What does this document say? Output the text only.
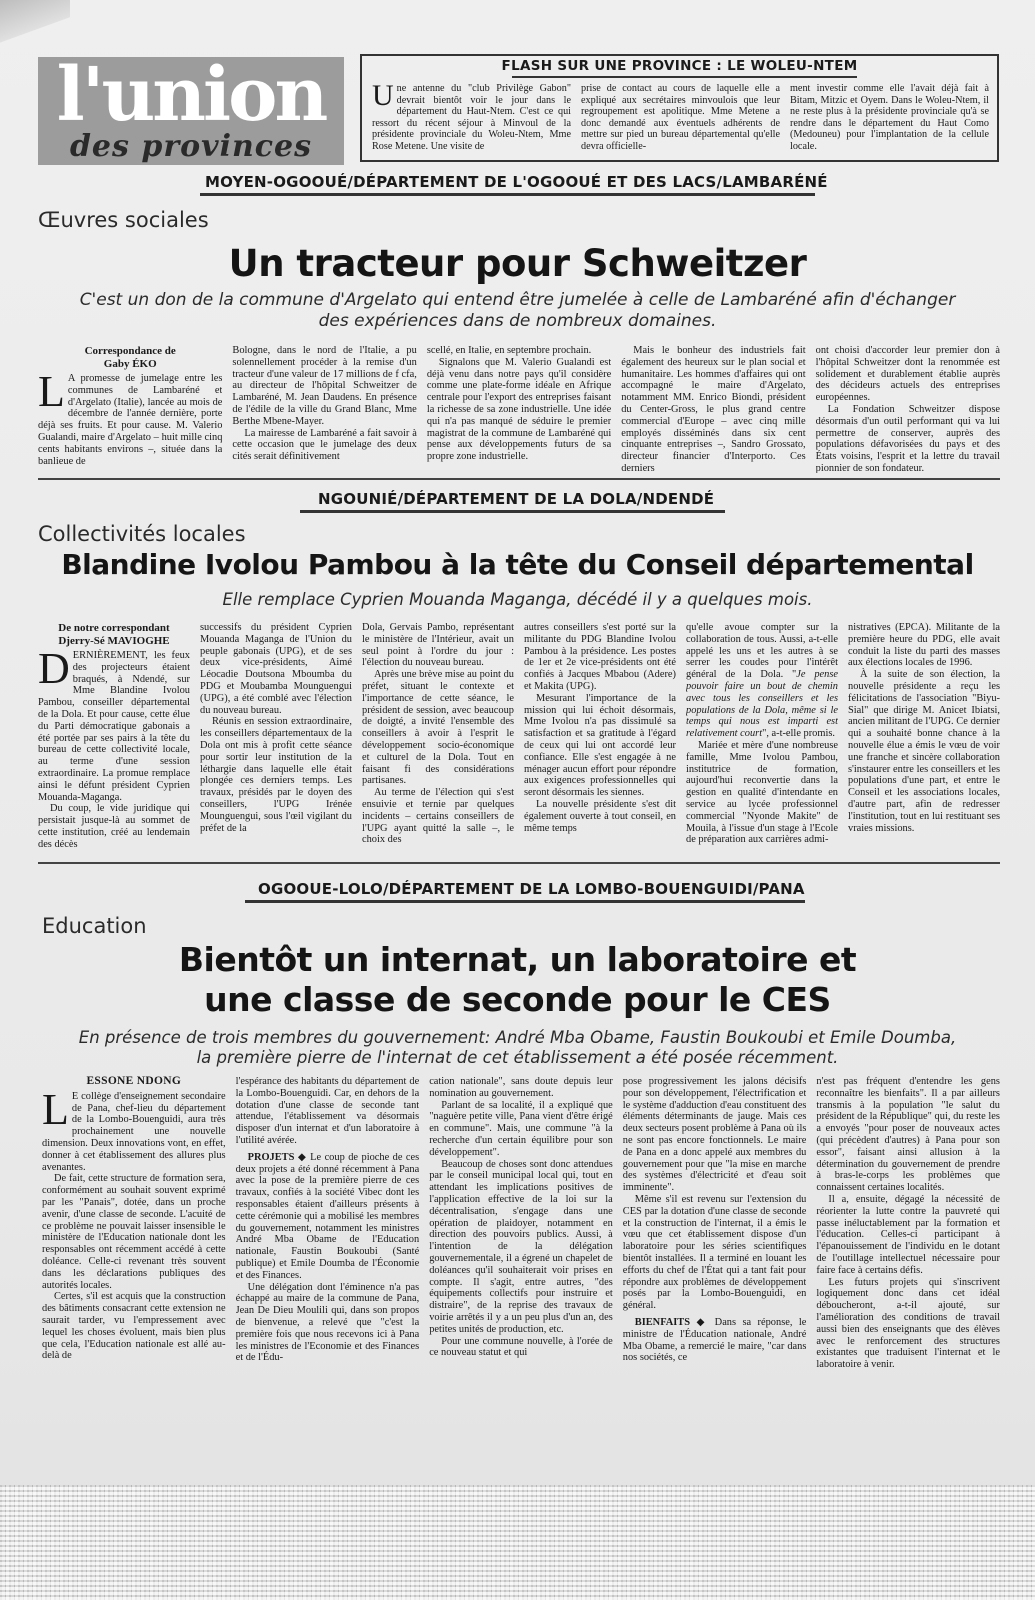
l'union
des provinces
FLASH SUR UNE PROVINCE : LE WOLEU-NTEM
Une antenne du "club Privilège Gabon" devrait bientôt voir le jour dans le département du Haut-Ntem. C'est ce qui ressort du récent séjour à Minvoul de la présidente provinciale du Woleu-Ntem, Mme Rose Metene. Une visite de
prise de contact au cours de laquelle elle a expliqué aux secrétaires minvoulois que leur regroupement est apolitique. Mme Metene a donc demandé aux éventuels adhérents de mettre sur pied un bureau départemental qu'elle devra officielle-
ment investir comme elle l'avait déjà fait à Bitam, Mitzic et Oyem. Dans le Woleu-Ntem, il ne reste plus à la présidente provinciale qu'à se rendre dans le département du Haut Como (Medouneu) pour l'implantation de la cellule locale.
MOYEN-OGOOUÉ/DÉPARTEMENT DE L'OGOOUÉ ET DES LACS/LAMBARÉNÉ
Œuvres sociales
Un tracteur pour Schweitzer
C'est un don de la commune d'Argelato qui entend être jumelée à celle de Lambaréné afin d'échanger
des expériences dans de nombreux domaines.
Correspondance de
Gaby ÉKO
L A promesse de jumelage entre les communes de Lambaréné et d'Argelato (Italie), lancée au mois de décembre de l'année dernière, porte déjà ses fruits. Et pour cause. M. Valerio Gualandi, maire d'Argelato – huit mille cinq cents habitants environs –, située dans la banlieue de

Bologne, dans le nord de l'Italie, a pu solennellement procéder à la remise d'un tracteur d'une valeur de 17 millions de f cfa, au directeur de l'hôpital Schweitzer de Lambaréné, M. Jean Daudens. En présence de l'édile de la ville du Grand Blanc, Mme Berthe Mbene-Mayer.

La mairesse de Lambaréné a fait savoir à cette occasion que le jumelage des deux cités serait définitivement

scellé, en Italie, en septembre prochain.

Signalons que M. Valerio Gualandi est déjà venu dans notre pays qu'il considère comme une plate-forme idéale en Afrique centrale pour l'export des entreprises faisant la richesse de sa zone industrielle. Une idée qui n'a pas manqué de séduire le premier magistrat de la commune de Lambaréné qui pense aux développements futurs de sa propre zone industrielle.

Mais le bonheur des industriels fait également des heureux sur le plan social et humanitaire. Les hommes d'affaires qui ont accompagné le maire d'Argelato, notamment MM. Enrico Biondi, président du Center-Gross, le plus grand centre commercial d'Europe – avec cinq mille employés disséminés dans six cent cinquante entreprises –, Sandro Grossato, directeur financier d'Interporto. Ces derniers

ont choisi d'accorder leur premier don à l'hôpital Schweitzer dont la renommée est solidement et durablement établie auprès des décideurs actuels des entreprises européennes.

La Fondation Schweitzer dispose désormais d'un outil performant qui va lui permettre de conserver, auprès des populations défavorisées du pays et des États voisins, l'esprit et la lettre du travail pionnier de son fondateur.

NGOUNIÉ/DÉPARTEMENT DE LA DOLA/NDENDÉ
Collectivités locales
Blandine Ivolou Pambou à la tête du Conseil départemental
Elle remplace Cyprien Mouanda Maganga, décédé il y a quelques mois.
De notre correspondant
Djerry-Sé MAVIOGHE
D ERNIÈREMENT, les feux des projecteurs étaient braqués, à Ndendé, sur Mme Blandine Ivolou Pambou, conseiller départemental de la Dola. Et pour cause, cette élue du Parti démocratique gabonais a été portée par ses pairs à la tête du bureau de cette collectivité locale, au terme d'une session extraordinaire. La promue remplace ainsi le défunt président Cyprien Mouanda-Maganga.

Du coup, le vide juridique qui persistait jusque-là au sommet de cette institution, créé au lendemain des décès

successifs du président Cyprien Mouanda Maganga de l'Union du peuple gabonais (UPG), et de ses deux vice-présidents, Aimé Léocadie Doutsona Mboumba du PDG et Moubamba Mounguengui (UPG), a été comblé avec l'élection du nouveau bureau.

Réunis en session extraordinaire, les conseillers départementaux de la Dola ont mis à profit cette séance pour sortir leur institution de la léthargie dans laquelle elle était plongée ces derniers temps. Les travaux, présidés par le doyen des conseillers, l'UPG Irénée Mounguengui, sous l'œil vigilant du préfet de la

Dola, Gervais Pambo, représentant le ministère de l'Intérieur, avait un seul point à l'ordre du jour : l'élection du nouveau bureau.

Après une brève mise au point du préfet, situant le contexte et l'importance de cette séance, le président de session, avec beaucoup de doigté, a invité l'ensemble des conseillers à avoir à l'esprit le développement socio-économique et culturel de la Dola. Tout en faisant fi des considérations partisanes.

Au terme de l'élection qui s'est ensuivie et ternie par quelques incidents – certains conseillers de l'UPG ayant quitté la salle –, le choix des

autres conseillers s'est porté sur la militante du PDG Blandine Ivolou Pambou à la présidence. Les postes de 1er et 2e vice-présidents ont été confiés à Jacques Mbabou (Adere) et Makita (UPG).

Mesurant l'importance de la mission qui lui échoit désormais, Mme Ivolou n'a pas dissimulé sa satisfaction et sa gratitude à l'égard de ceux qui lui ont accordé leur confiance. Elle s'est engagée à ne ménager aucun effort pour répondre aux exigences professionnelles qui seront désormais les siennes.

La nouvelle présidente s'est dit également ouverte à tout conseil, en même temps

qu'elle avoue compter sur la collaboration de tous. Aussi, a-t-elle appelé les uns et les autres à se serrer les coudes pour l'intérêt général de la Dola. "Je pense pouvoir faire un bout de chemin avec tous les conseillers et les populations de la Dola, même si le temps qui nous est imparti est relativement court", a-t-elle promis.

Mariée et mère d'une nombreuse famille, Mme Ivolou Pambou, institutrice de formation, aujourd'hui reconvertie dans la gestion en qualité d'intendante en service au lycée professionnel commercial "Nyonde Makite" de Mouila, à l'issue d'un stage à l'Ecole de préparation aux carrières admi-

nistratives (EPCA). Militante de la première heure du PDG, elle avait conduit la liste du parti des masses aux élections locales de 1996.

À la suite de son élection, la nouvelle présidente a reçu les félicitations de l'association "Biyu-Sial" que dirige M. Anicet Ibiatsi, ancien militant de l'UPG. Ce dernier qui a souhaité bonne chance à la nouvelle élue a émis le vœu de voir une franche et sincère collaboration s'instaurer entre les conseillers et les populations d'une part, et entre le Conseil et les associations locales, d'autre part, afin de redresser l'institution, tout en lui restituant ses vraies missions.

OGOOUE-LOLO/DÉPARTEMENT DE LA LOMBO-BOUENGUIDI/PANA
Education
Bientôt un internat, un laboratoire et
une classe de seconde pour le CES
En présence de trois membres du gouvernement: André Mba Obame, Faustin Boukoubi et Emile Doumba,
la première pierre de l'internat de cet établissement a été posée récemment.
ESSONE NDONG
L E collège d'enseignement secondaire de Pana, chef-lieu du département de la Lombo-Bouenguidi, aura très prochainement une nouvelle dimension. Deux innovations vont, en effet, donner à cet établissement des allures plus avenantes.

De fait, cette structure de formation sera, conformément au souhait souvent exprimé par les "Panais", dotée, dans un proche avenir, d'une classe de seconde. L'acuité de ce problème ne pouvait laisser insensible le ministère de l'Education nationale dont les responsables ont récemment accédé à cette doléance. Celle-ci revenant très souvent dans les déclarations publiques des autorités locales.

Certes, s'il est acquis que la construction des bâtiments consacrant cette extension ne saurait tarder, vu l'empressement avec lequel les choses évoluent, mais bien plus que cela, l'Education nationale est allé au-delà de

l'espérance des habitants du département de la Lombo-Bouenguidi. Car, en dehors de la dotation d'une classe de seconde tant attendue, l'établissement va désormais disposer d'un internat et d'un laboratoire à l'utilité avérée.

PROJETS ◆ Le coup de pioche de ces deux projets a été donné récemment à Pana avec la pose de la première pierre de ces travaux, confiés à la société Vibec dont les responsables étaient d'ailleurs présents à cette cérémonie qui a mobilisé les membres du gouvernement, notamment les ministres André Mba Obame de l'Education nationale, Faustin Boukoubi (Santé publique) et Emile Doumba de l'Économie et des Finances.

Une délégation dont l'éminence n'a pas échappé au maire de la commune de Pana, Jean De Dieu Moulili qui, dans son propos de bienvenue, a relevé que "c'est la première fois que nous recevons ici à Pana les ministres de l'Economie et des Finances et de l'Édu-

cation nationale", sans doute depuis leur nomination au gouvernement.

Parlant de sa localité, il a expliqué que "naguère petite ville, Pana vient d'être érigé en commune". Mais, une commune "à la recherche d'un certain équilibre pour son développement".

Beaucoup de choses sont donc attendues par le conseil municipal local qui, tout en attendant les implications positives de l'application effective de la loi sur la décentralisation, s'engage dans une opération de plaidoyer, notamment en direction des pouvoirs publics. Aussi, à l'intention de la délégation gouvernementale, il a égrené un chapelet de doléances qu'il souhaiterait voir prises en compte. Il s'agit, entre autres, "des équipements collectifs pour instruire et distraire", de la reprise des travaux de voirie arrêtés il y a un peu plus d'un an, des petites unités de production, etc.

Pour une commune nouvelle, à l'orée de ce nouveau statut et qui

pose progressivement les jalons décisifs pour son développement, l'électrification et le système d'adduction d'eau constituent des éléments déterminants de jauge. Mais ces deux secteurs posent problème à Pana où ils ne sont pas encore fonctionnels. Le maire de Pana en a donc appelé aux membres du gouvernement pour que "la mise en marche des systèmes d'électricité et d'eau soit imminente".

Même s'il est revenu sur l'extension du CES par la dotation d'une classe de seconde et la construction de l'internat, il a émis le vœu que cet établissement dispose d'un laboratoire pour les séries scientifiques bientôt installées. Il a terminé en louant les efforts du chef de l'État qui a tant fait pour répondre aux problèmes de développement posés par la Lombo-Bouenguidi, en général.

BIENFAITS ◆ Dans sa réponse, le ministre de l'Éducation nationale, André Mba Obame, a remercié le maire, "car dans nos sociétés, ce

n'est pas fréquent d'entendre les gens reconnaître les bienfaits". Il a par ailleurs transmis à la population "le salut du président de la République" qui, du reste les a envoyés "pour poser de nouveaux actes (qui précèdent d'autres) à Pana pour son essor", faisant ainsi allusion à la détermination du gouvernement de prendre à bras-le-corps les problèmes que connaissent certaines localités.

Il a, ensuite, dégagé la nécessité de réorienter la lutte contre la pauvreté qui passe inéluctablement par la formation et l'éducation. Celles-ci participant à l'épanouissement de l'individu en le dotant de l'outillage intellectuel nécessaire pour faire face à certains défis.

Les futurs projets qui s'inscrivent logiquement donc dans cet idéal déboucheront, a-t-il ajouté, sur l'amélioration des conditions de travail aussi bien des enseignants que des élèves avec le renforcement des structures existantes que traduisent l'internat et le laboratoire à venir.
